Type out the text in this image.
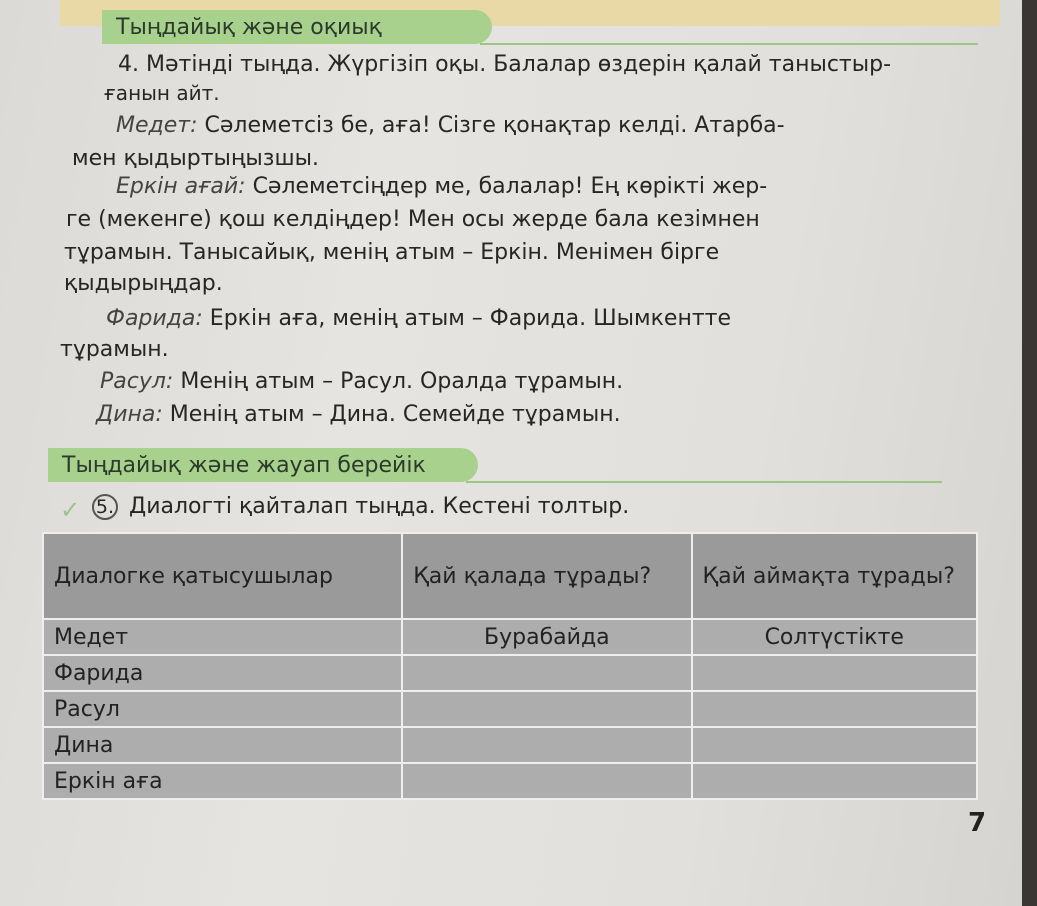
Тыңдайық және оқиық
4. Мәтінді тыңда. Жүргізіп оқы. Балалар өздерін қалай таныстыр-
ғанын айт.
Медет: Сәлеметсіз бе, аға! Сізге қонақтар келді. Атарба-
мен қыдыртыңызшы.
Еркін ағай: Сәлеметсіңдер ме, балалар! Ең көрікті жер-
ге (мекенге) қош келдіңдер! Мен осы жерде бала кезімнен
тұрамын. Танысайық, менің атым – Еркін. Менімен бірге
қыдырыңдар.
Фарида: Еркін аға, менің атым – Фарида. Шымкентте
тұрамын.
Расул: Менің атым – Расул. Оралда тұрамын.
Дина: Менің атым – Дина. Семейде тұрамын.
Тыңдайық және жауап берейік
✓ 5. Диалогті қайталап тыңда. Кестені толтыр.
Диалогке қатысушылар	Қай қалада тұрады?	Қай аймақта тұрады?
Медет	Бурабайда	Солтүстікте
Фарида		
Расул		
Дина		
Еркін аға		
7
